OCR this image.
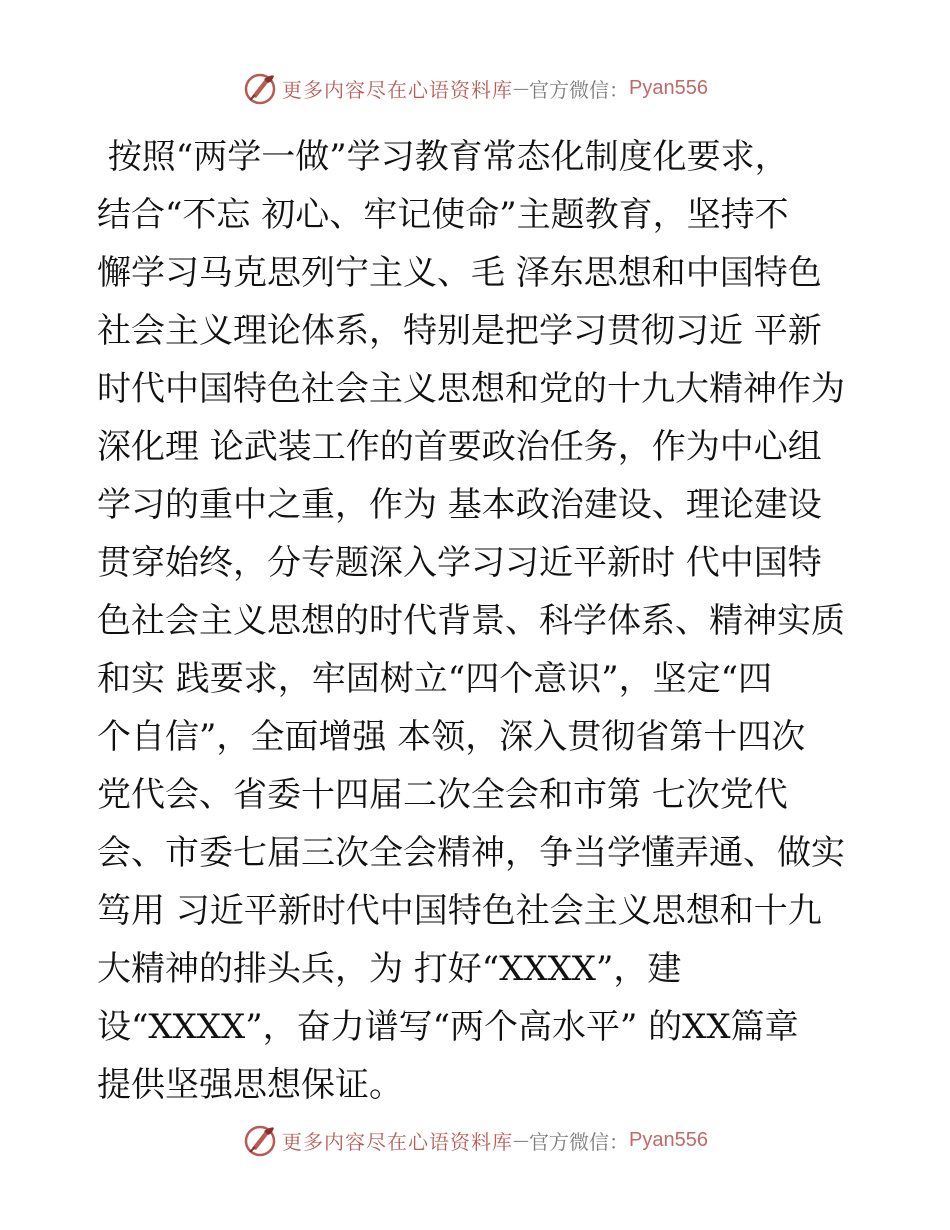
更多内容尽在心语资料库 — 官方微信： Pyan556
按照“两学一做”学习教育常态化制度化要求，
结合“不忘 初心、牢记使命”主题教育，坚持不
懈学习马克思列宁主义、毛 泽东思想和中国特色
社会主义理论体系，特别是把学习贯彻习近 平新
时代中国特色社会主义思想和党的十九大精神作为
深化理 论武装工作的首要政治任务，作为中心组
学习的重中之重，作为 基本政治建设、理论建设
贯穿始终，分专题深入学习习近平新时 代中国特
色社会主义思想的时代背景、科学体系、精神实质
和实 践要求，牢固树立“四个意识”，坚定“四
个自信”，全面增强 本领，深入贯彻省第十四次
党代会、省委十四届二次全会和市第 七次党代
会、市委七届三次全会精神，争当学懂弄通、做实
笃用 习近平新时代中国特色社会主义思想和十九
大精神的排头兵，为 打好“XXXX”，建
设“XXXX”，奋力谱写“两个高水平” 的XX篇章
提供坚强思想保证。
更多内容尽在心语资料库 — 官方微信： Pyan556
